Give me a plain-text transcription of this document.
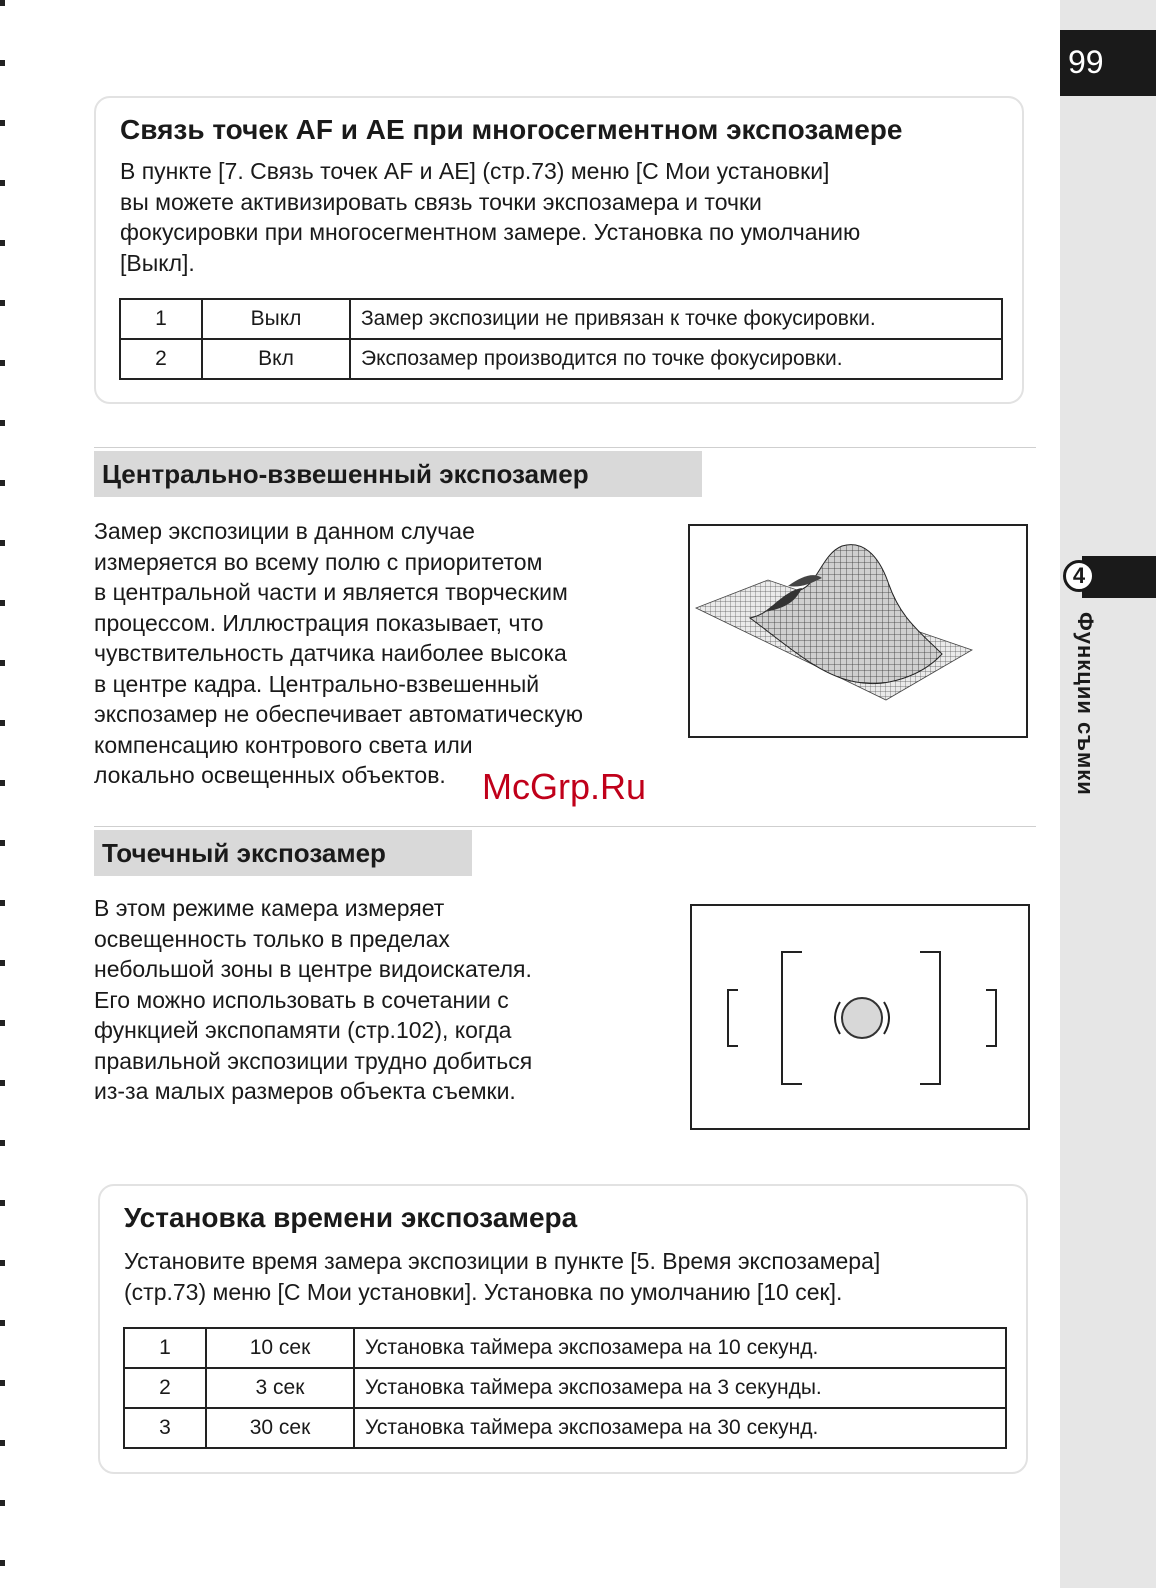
99
4
Функции съмки
Связь точек AF и AE при многосегментном экспозамере
В пункте [7. Связь точек AF и AE] (стр.73) меню [C Мои установки]
вы можете активизировать связь точки экспозамера и точки
фокусировки при многосегментном замере. Установка по умолчанию
[Выкл].
1	Выкл	Замер экспозиции не привязан к точке фокусировки.
2	Вкл	Экспозамер производится по точке фокусировки.
Центрально-взвешенный экспозамер
Замер экспозиции в данном случае
измеряется во всему полю с приоритетом
в центральной части и является творческим
процессом. Иллюстрация показывает, что
чувствительность датчика наиболее высока
в центре кадра. Центрально-взвешенный
экспозамер не обеспечивает автоматическую
компенсацию контрового света или
локально освещенных объектов.	McGrp.Ru
Точечный экспозамер
В этом режиме камера измеряет
освещенность только в пределах
небольшой зоны в центре видоискателя.
Его можно использовать в сочетании с
функцией экспопамяти (стр.102), когда
правильной экспозиции трудно добиться
из-за малых размеров объекта съемки.
Установка времени экспозамера
Установите время замера экспозиции в пункте [5. Время экспозамера]
(стр.73) меню [C Мои установки]. Установка по умолчанию [10 сек].
1	10 сек	Установка таймера экспозамера на 10 секунд.
2	3 сек	Установка таймера экспозамера на 3 секунды.
3	30 сек	Установка таймера экспозамера на 30 секунд.
